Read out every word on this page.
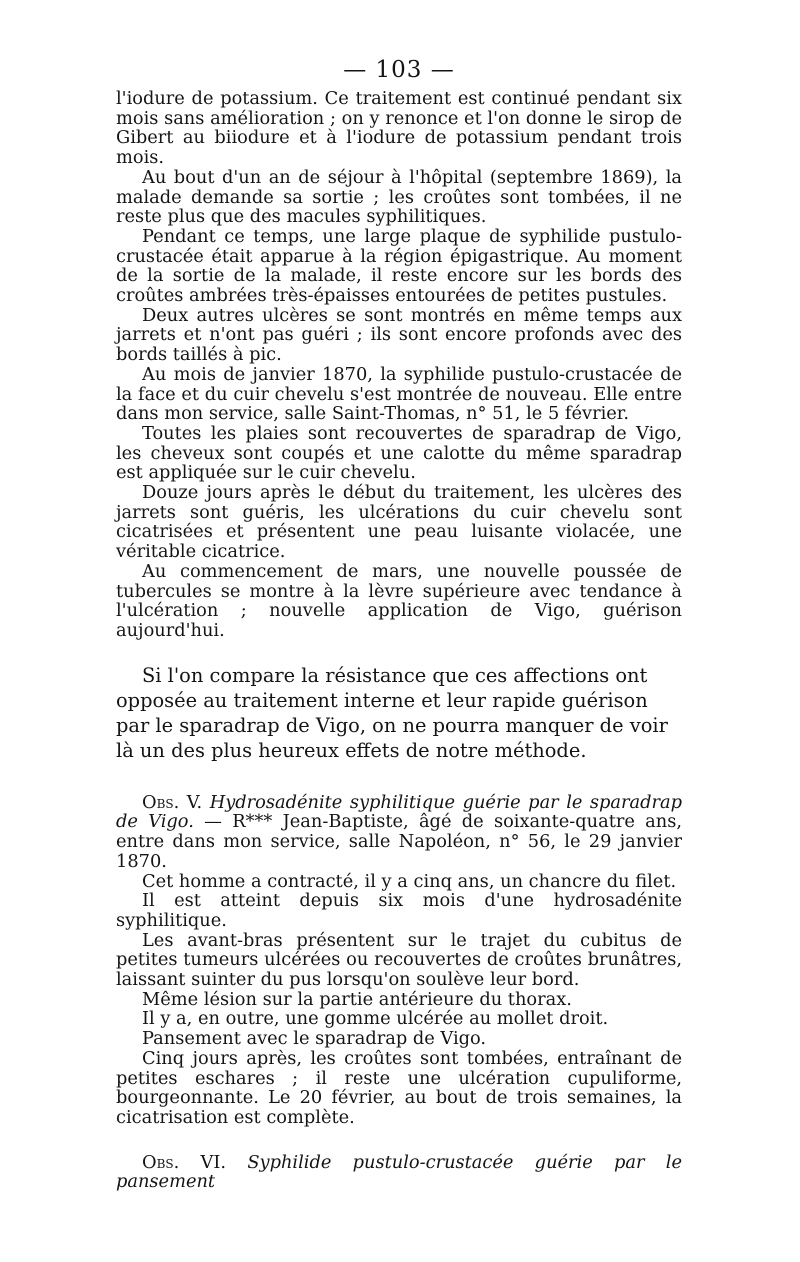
— 103 —

l'iodure de potassium. Ce traitement est continué pendant six mois sans amélioration ; on y renonce et l'on donne le sirop de Gibert au biiodure et à l'iodure de potassium pendant trois mois.

Au bout d'un an de séjour à l'hôpital (septembre 1869), la malade demande sa sortie ; les croûtes sont tombées, il ne reste plus que des macules syphilitiques.

Pendant ce temps, une large plaque de syphilide pustulo-crustacée était apparue à la région épigastrique. Au moment de la sortie de la malade, il reste encore sur les bords des croûtes ambrées très-épaisses entourées de petites pustules.

Deux autres ulcères se sont montrés en même temps aux jarrets et n'ont pas guéri ; ils sont encore profonds avec des bords taillés à pic.

Au mois de janvier 1870, la syphilide pustulo-crustacée de la face et du cuir chevelu s'est montrée de nouveau. Elle entre dans mon service, salle Saint-Thomas, n° 51, le 5 février.

Toutes les plaies sont recouvertes de sparadrap de Vigo, les cheveux sont coupés et une calotte du même sparadrap est appliquée sur le cuir chevelu.

Douze jours après le début du traitement, les ulcères des jarrets sont guéris, les ulcérations du cuir chevelu sont cicatrisées et présentent une peau luisante violacée, une véritable cicatrice.

Au commencement de mars, une nouvelle poussée de tubercules se montre à la lèvre supérieure avec tendance à l'ulcération ; nouvelle application de Vigo, guérison aujourd'hui.

Si l'on compare la résistance que ces affections ont opposée au traitement interne et leur rapide guérison par le sparadrap de Vigo, on ne pourra manquer de voir là un des plus heureux effets de notre méthode.

Obs. V. Hydrosadénite syphilitique guérie par le sparadrap de Vigo. — R*** Jean-Baptiste, âgé de soixante-quatre ans, entre dans mon service, salle Napoléon, n° 56, le 29 janvier 1870.

Cet homme a contracté, il y a cinq ans, un chancre du filet.

Il est atteint depuis six mois d'une hydrosadénite syphilitique.

Les avant-bras présentent sur le trajet du cubitus de petites tumeurs ulcérées ou recouvertes de croûtes brunâtres, laissant suinter du pus lorsqu'on soulève leur bord.

Même lésion sur la partie antérieure du thorax.

Il y a, en outre, une gomme ulcérée au mollet droit.

Pansement avec le sparadrap de Vigo.

Cinq jours après, les croûtes sont tombées, entraînant de petites eschares ; il reste une ulcération cupuliforme, bourgeonnante. Le 20 février, au bout de trois semaines, la cicatrisation est complète.

Obs. VI. Syphilide pustulo-crustacée guérie par le pansement
